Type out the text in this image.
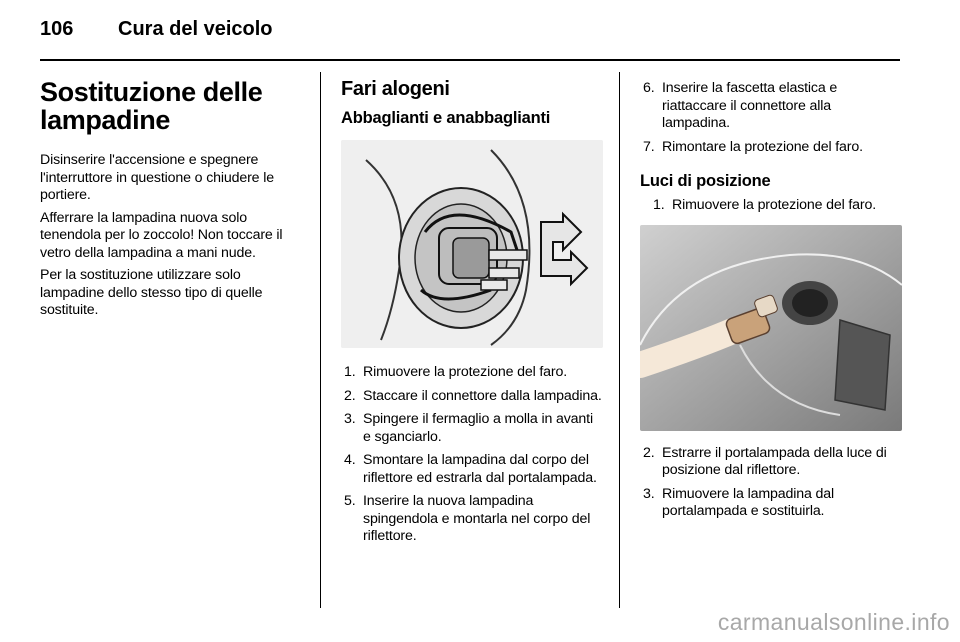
106 Cura del veicolo
Sostituzione delle lampadine

Disinserire l'accensione e spegnere l'interruttore in questione o chiudere le portiere.

Afferrare la lampadina nuova solo tenendola per lo zoccolo! Non toccare il vetro della lampadina a mani nude.

Per la sostituzione utilizzare solo lampadine dello stesso tipo di quelle sostituite.

Fari alogeni
Abbaglianti e anabbaglianti
1. Rimuovere la protezione del faro.
2. Staccare il connettore dalla lampadina.
3. Spingere il fermaglio a molla in avanti e sganciarlo.
4. Smontare la lampadina dal corpo del riflettore ed estrarla dal portalampada.
5. Inserire la nuova lampadina spingendola e montarla nel corpo del riflettore.
6. Inserire la fascetta elastica e riattaccare il connettore alla lampadina.
7. Rimontare la protezione del faro.
Luci di posizione
1. Rimuovere la protezione del faro.
2. Estrarre il portalampada della luce di posizione dal riflettore.
3. Rimuovere la lampadina dal portalampada e sostituirla.
carmanualsonline.info
